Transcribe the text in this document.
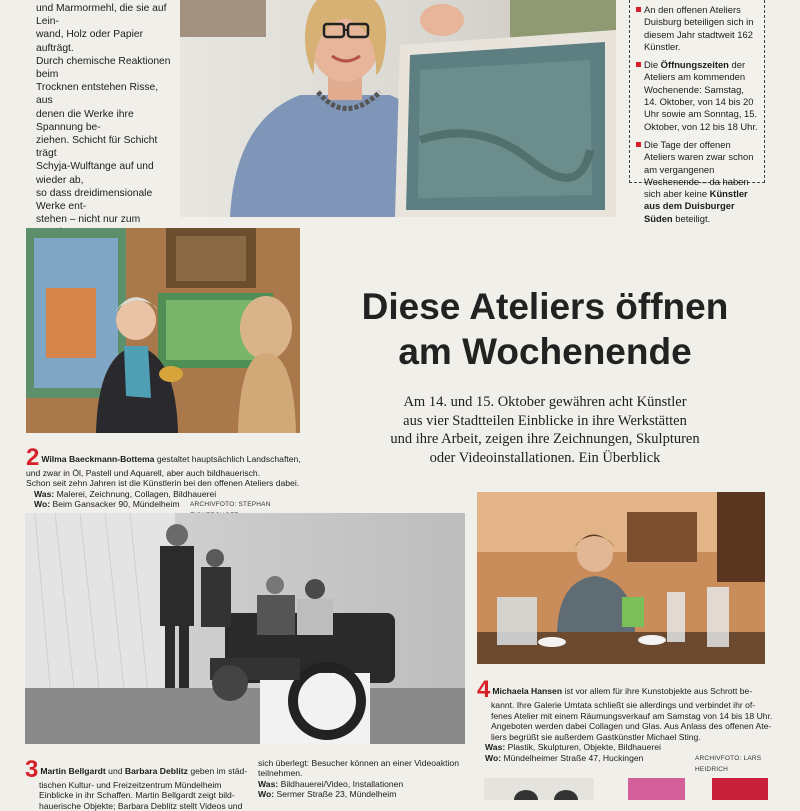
und Marmormehl, die sie auf Lein-
wand, Holz oder Papier aufträgt.
Durch chemische Reaktionen beim
Trocknen entstehen Risse, aus
denen die Werke ihre Spannung be-
ziehen. Schicht für Schicht trägt
Schyja-Wulftange auf und wieder ab,
so dass dreidimensionale Werke ent-
stehen – nicht nur zum

An den offenen Ateliers Duisburg beteiligen sich in diesem Jahr stadtweit 162 Künstler.

Die Öffnungszeiten der Ateliers am kommenden Wochenende: Samstag, 14. Oktober, von 14 bis 20 Uhr sowie am Sonntag, 15. Oktober, von 12 bis 18 Uhr.

Die Tage der offenen Ateliers waren zwar schon am vergangenen Wochenende – da haben sich aber keine Künstler aus dem Duisburger Süden beteiligt.

2 Wilma Baeckmann-Bottema gestaltet hauptsächlich Landschaften,
und zwar in Öl, Pastell und Aquarell, aber auch bildhauerisch.
Schon seit zehn Jahren ist die Künstlerin bei den offenen Ateliers dabei.
Was: Malerei, Zeichnung, Collagen, Bildhauerei
Wo: Beim Gansacker 90, Mündelheim ARCHIVFOTO: STEPHAN
Diese Ateliers öffnen
am Wochenende
Am 14. und 15. Oktober gewähren acht Künstler
aus vier Stadtteilen Einblicke in ihre Werkstätten
und ihre Arbeit, zeigen ihre Zeichnungen, Skulpturen
oder Videoinstallationen. Ein Überblick
3 Martin Bellgardt und Barbara Deblitz geben im städ-
tischen Kultur- und Freizeitzentrum Mündelheim
Einblicke in ihr Schaffen. Martin Bellgardt zeigt bild-
hauerische Objekte; Barbara Deblitz stellt Videos und
sich überlegt: Besucher können an einer Videoaktion
teilnehmen.
Was: Bildhauerei/Video, Installationen
Wo: Sermer Straße 23, Mündelheim
4 Michaela Hansen ist vor allem für ihre Kunstobjekte aus Schrott be-
kannt. Ihre Galerie Umtata schließt sie allerdings und verbindet ihr of-
fenes Atelier mit einem Räumungsverkauf am Samstag von 14 bis 18 Uhr.
Angeboten werden dabei Collagen und Glas. Aus Anlass des offenen Ate-
liers begrüßt sie außerdem Gastkünstler Michael Sting.
Was: Plastik, Skulpturen, Objekte, Bildhauerei
Wo: Mündelheimer Straße 47, Huckingen	ARCHIVFOTO: LARS HEIDRICH
